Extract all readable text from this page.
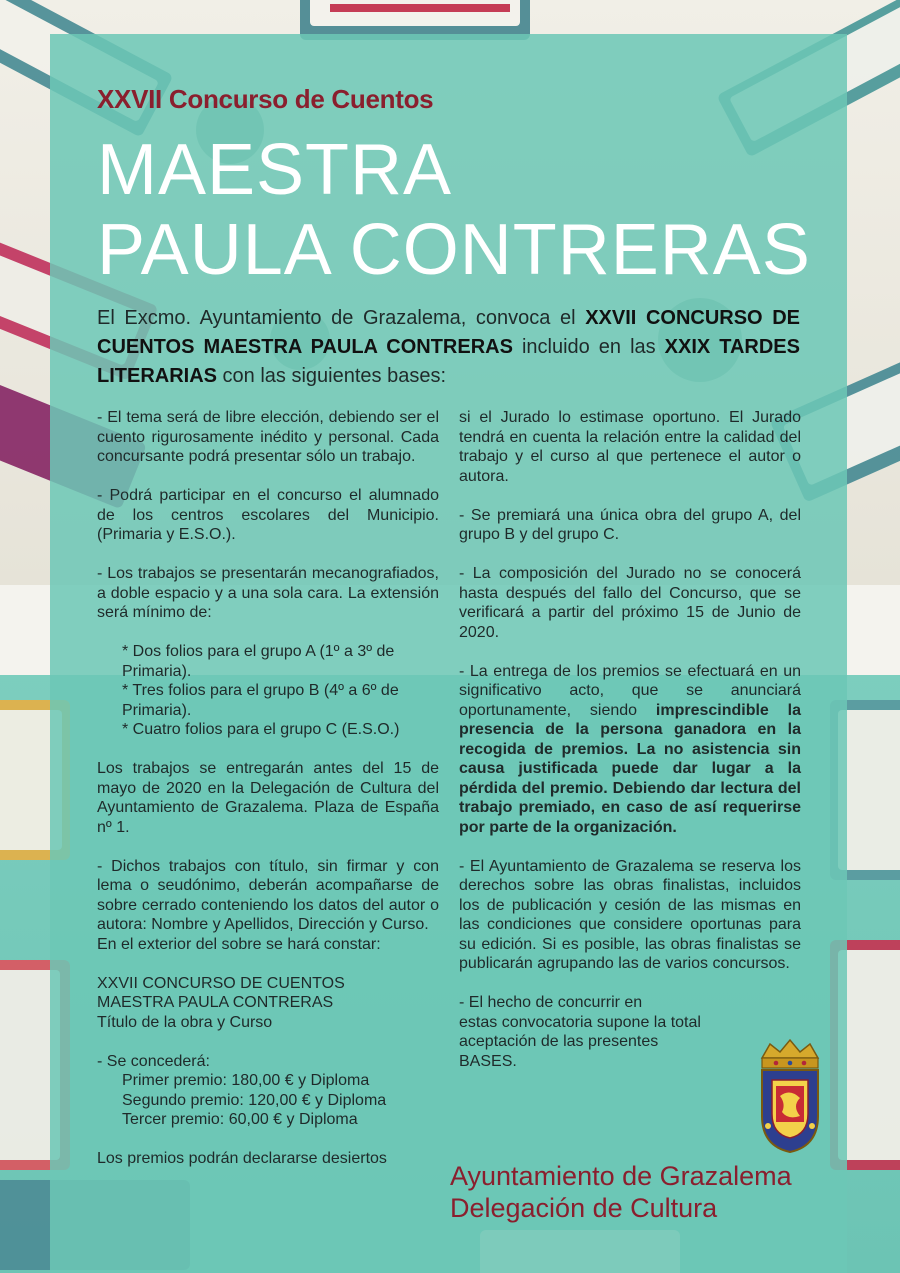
XXVII Concurso de Cuentos

MAESTRA
PAULA CONTRERAS

El Excmo. Ayuntamiento de Grazalema, convoca el XXVII CONCURSO DE CUENTOS MAESTRA PAULA CONTRERAS incluido en las XXIX TARDES LITERARIAS con las siguientes bases:

- El tema será de libre elección, debiendo ser el cuento rigurosamente inédito y personal. Cada concursante podrá presentar sólo un trabajo.

- Podrá participar en el concurso el alumnado de los centros escolares del Municipio. (Primaria y E.S.O.).

- Los trabajos se presentarán mecanografiados, a doble espacio y a una sola cara. La extensión será mínimo de:

* Dos folios para el grupo A (1º a 3º de Primaria).

* Tres folios para el grupo B (4º a 6º de Primaria).

* Cuatro folios para el grupo C (E.S.O.)

Los trabajos se entregarán antes del 15 de mayo de 2020 en la Delegación de Cultura del Ayuntamiento de Grazalema. Plaza de España nº 1.

- Dichos trabajos con título, sin firmar y con lema o seudónimo, deberán acompañarse de sobre cerrado conteniendo los datos del autor o autora: Nombre y Apellidos, Dirección y Curso.

En el exterior del sobre se hará constar:

XXVII CONCURSO DE CUENTOS

MAESTRA PAULA CONTRERAS

Título de la obra y Curso

- Se concederá:

Primer premio: 180,00 € y Diploma

Segundo premio: 120,00 € y Diploma

Tercer premio: 60,00 € y Diploma

Los premios podrán declararse desiertos

si el Jurado lo estimase oportuno. El Jurado tendrá en cuenta la relación entre la calidad del trabajo y el curso al que pertenece el autor o autora.

- Se premiará una única obra del grupo A, del grupo B y del grupo C.

- La composición del Jurado no se conocerá hasta después del fallo del Concurso, que se verificará a partir del próximo 15 de Junio de 2020.

- La entrega de los premios se efectuará en un significativo acto, que se anunciará oportunamente, siendo imprescindible la presencia de la persona ganadora en la recogida de premios. La no asistencia sin causa justificada puede dar lugar a la pérdida del premio. Debiendo dar lectura del trabajo premiado, en caso de así requerirse por parte de la organización.

- El Ayuntamiento de Grazalema se reserva los derechos sobre las obras finalistas, incluidos los de publicación y cesión de las mismas en las condiciones que considere oportunas para su edición. Si es posible, las obras finalistas se publicarán agrupando las de varios concursos.

- El hecho de concurrir en

estas convocatoria supone la total

aceptación de las presentes

BASES.

Ayuntamiento de Grazalema
Delegación de Cultura
